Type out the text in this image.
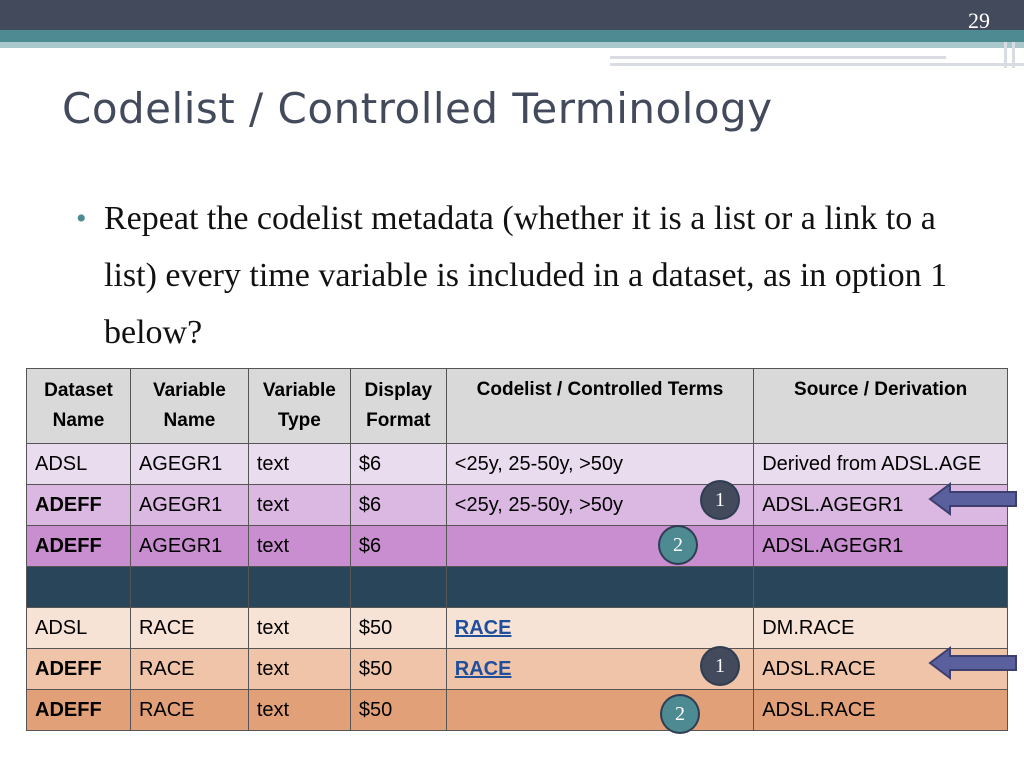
29
Codelist / Controlled Terminology
• Repeat the codelist metadata (whether it is a list or a link to a list) every time variable is included in a dataset, as in option 1 below?
Dataset Name	Variable Name	Variable Type	Display Format	Codelist / Controlled Terms	Source / Derivation
ADSL	AGEGR1	text	$6	<25y, 25-50y, >50y	Derived from ADSL.AGE
ADEFF	AGEGR1	text	$6	<25y, 25-50y, >50y	ADSL.AGEGR1
ADEFF	AGEGR1	text	$6		ADSL.AGEGR1

ADSL	RACE	text	$50	RACE	DM.RACE
ADEFF	RACE	text	$50	RACE	ADSL.RACE
ADEFF	RACE	text	$50		ADSL.RACE
1
2
1
2
